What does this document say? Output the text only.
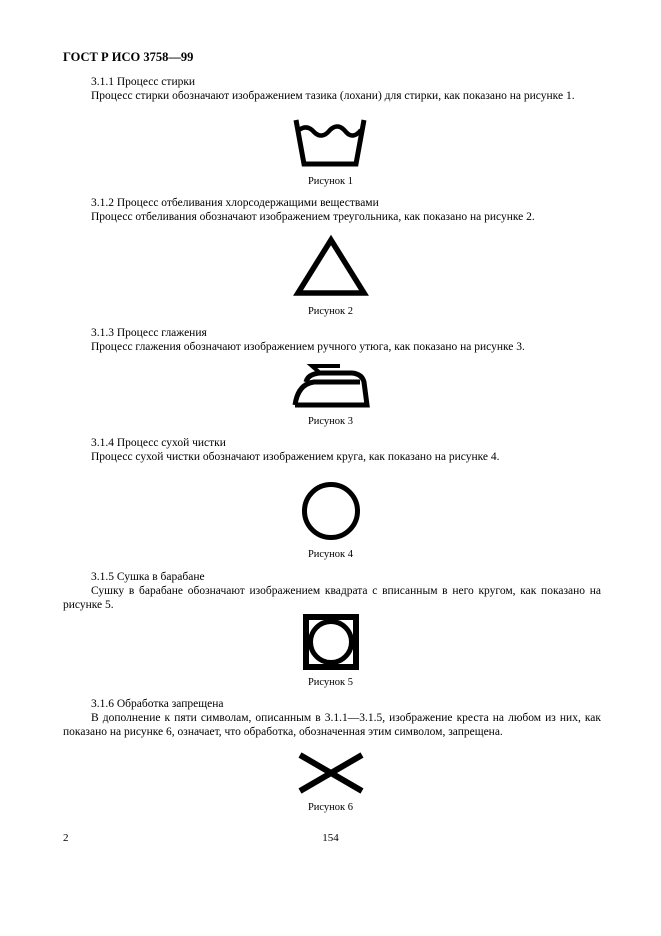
ГОСТ Р ИСО 3758—99
3.1.1 Процесс стирки
Процесс стирки обозначают изображением тазика (лохани) для стирки, как показано на рисунке 1.
Рисунок 1
3.1.2 Процесс отбеливания хлорсодержащими веществами
Процесс отбеливания обозначают изображением треугольника, как показано на рисунке 2.
Рисунок 2
3.1.3 Процесс глажения
Процесс глажения обозначают изображением ручного утюга, как показано на рисунке 3.
Рисунок 3
3.1.4 Процесс сухой чистки
Процесс сухой чистки обозначают изображением круга, как показано на рисунке 4.
Рисунок 4
3.1.5 Сушка в барабане
Сушку в барабане обозначают изображением квадрата с вписанным в него кругом, как показано на рисунке 5.
Рисунок 5
3.1.6 Обработка запрещена
В дополнение к пяти символам, описанным в 3.1.1—3.1.5, изображение креста на любом из них, как показано на рисунке 6, означает, что обработка, обозначенная этим символом, запрещена.
Рисунок 6
2	154
